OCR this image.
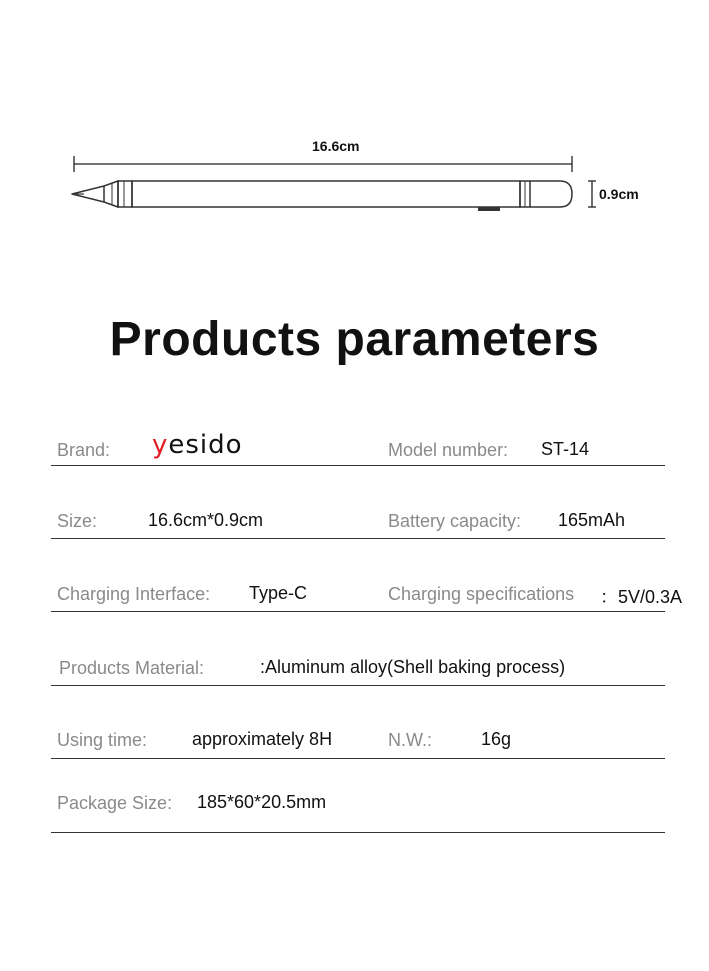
16.6cm
0.9cm
Products parameters
Brand: yesido	Model number: ST-14
Size:	16.6cm*0.9cm	Battery capacity: 165mAh
Charging Interface: Type-C	Charging specifications ：5V/0.3A
Products Material:	:Aluminum alloy(Shell baking process)
Using time: approximately 8H	N.W.:	16g
Package Size: 185*60*20.5mm
